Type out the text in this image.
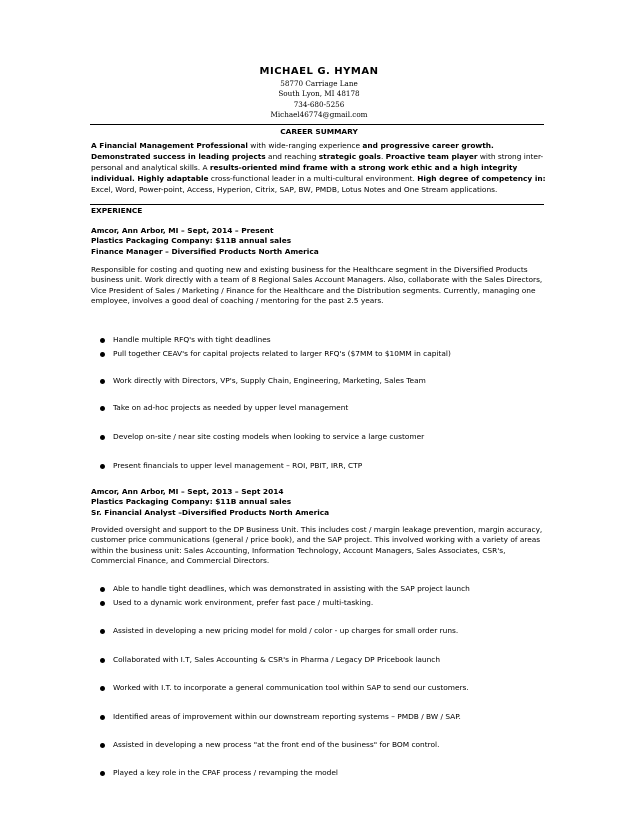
MICHAEL G. HYMAN
58770 Carriage Lane
South Lyon, MI 48178
734-680-5256
Michael46774@gmail.com
CAREER SUMMARY
A Financial Management Professional with wide-ranging experience and progressive career growth. Demonstrated success in leading projects and reaching strategic goals. Proactive team player with strong inter-personal and analytical skills. A results-oriented mind frame with a strong work ethic and a high integrity individual. Highly adaptable cross-functional leader in a multi-cultural environment. High degree of competency in: Excel, Word, Power-point, Access, Hyperion, Citrix, SAP, BW, PMDB, Lotus Notes and One Stream applications.
EXPERIENCE
Amcor, Ann Arbor, MI – Sept, 2014 – Present
Plastics Packaging Company: $11B annual sales
Finance Manager – Diversified Products North America
Responsible for costing and quoting new and existing business for the Healthcare segment in the Diversified Products business unit. Work directly with a team of 8 Regional Sales Account Managers. Also, collaborate with the Sales Directors, Vice President of Sales / Marketing / Finance for the Healthcare and the Distribution segments. Currently, managing one employee, involves a good deal of coaching / mentoring for the past 2.5 years.
Handle multiple RFQ's with tight deadlines
Pull together CEAV's for capital projects related to larger RFQ's ($7MM to $10MM in capital)
Work directly with Directors, VP's, Supply Chain, Engineering, Marketing, Sales Team
Take on ad-hoc projects as needed by upper level management
Develop on-site / near site costing models when looking to service a large customer
Present financials to upper level management – ROI, PBIT, IRR, CTP
Amcor, Ann Arbor, MI – Sept, 2013 – Sept 2014
Plastics Packaging Company: $11B annual sales
Sr. Financial Analyst –Diversified Products North America
Provided oversight and support to the DP Business Unit. This includes cost / margin leakage prevention, margin accuracy, customer price communications (general / price book), and the SAP project. This involved working with a variety of areas within the business unit: Sales Accounting, Information Technology, Account Managers, Sales Associates, CSR's, Commercial Finance, and Commercial Directors.
Able to handle tight deadlines, which was demonstrated in assisting with the SAP project launch
Used to a dynamic work environment, prefer fast pace / multi-tasking.
Assisted in developing a new pricing model for mold / color - up charges for small order runs.
Collaborated with I.T, Sales Accounting & CSR's in Pharma / Legacy DP Pricebook launch
Worked with I.T. to incorporate a general communication tool within SAP to send our customers.
Identified areas of improvement within our downstream reporting systems – PMDB / BW / SAP.
Assisted in developing a new process "at the front end of the business" for BOM control.
Played a key role in the CPAF process / revamping the model
